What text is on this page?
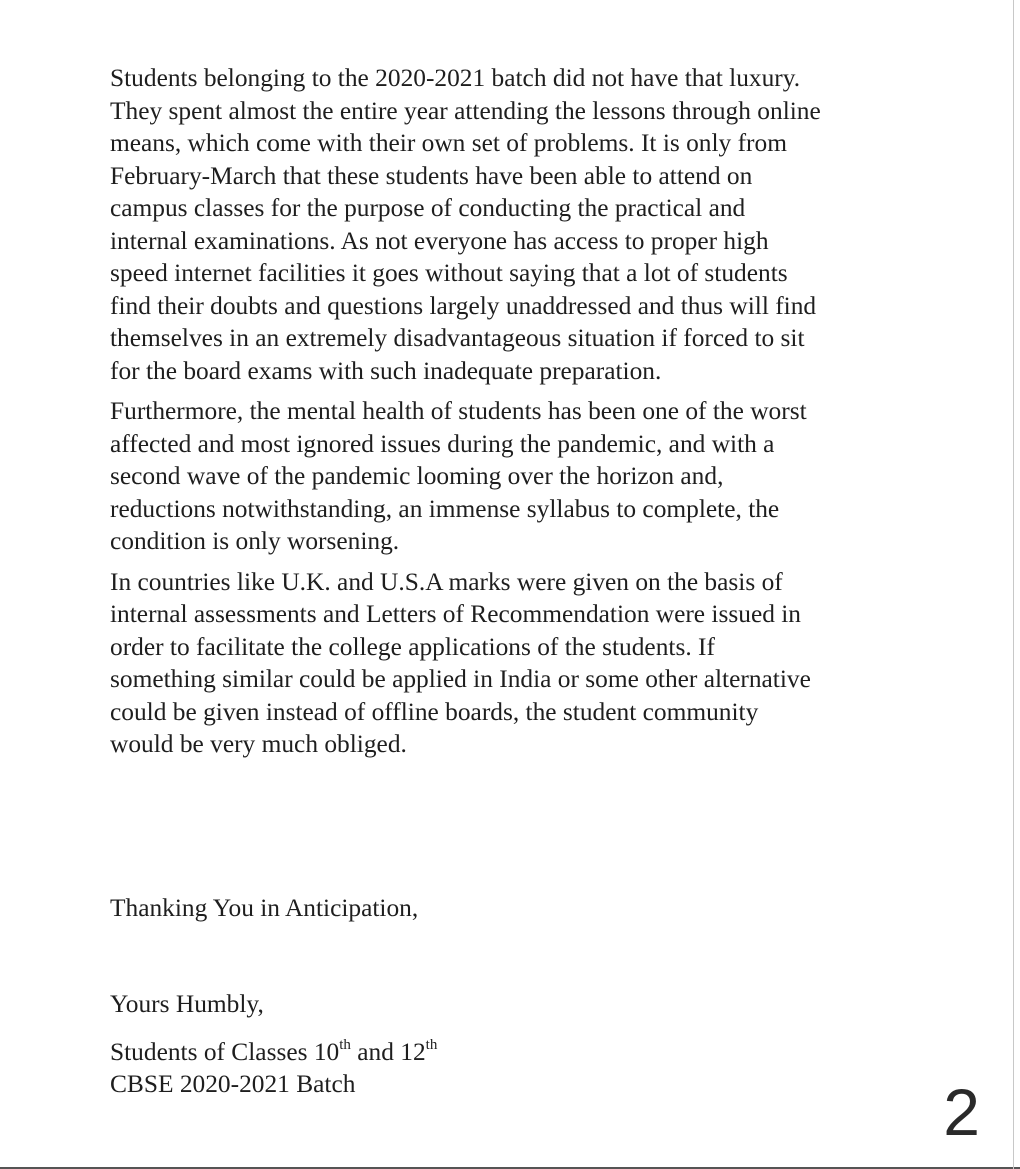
Students belonging to the 2020-2021 batch did not have that luxury.
They spent almost the entire year attending the lessons through online
means, which come with their own set of problems. It is only from
February-March that these students have been able to attend on
campus classes for the purpose of conducting the practical and
internal examinations. As not everyone has access to proper high
speed internet facilities it goes without saying that a lot of students
find their doubts and questions largely unaddressed and thus will find
themselves in an extremely disadvantageous situation if forced to sit
for the board exams with such inadequate preparation.
Furthermore, the mental health of students has been one of the worst
affected and most ignored issues during the pandemic, and with a
second wave of the pandemic looming over the horizon and,
reductions notwithstanding, an immense syllabus to complete, the
condition is only worsening.
In countries like U.K. and U.S.A marks were given on the basis of
internal assessments and Letters of Recommendation were issued in
order to facilitate the college applications of the students. If
something similar could be applied in India or some other alternative
could be given instead of offline boards, the student community
would be very much obliged.
Thanking You in Anticipation,
Yours Humbly,
Students of Classes 10th and 12th
CBSE 2020-2021 Batch	2
